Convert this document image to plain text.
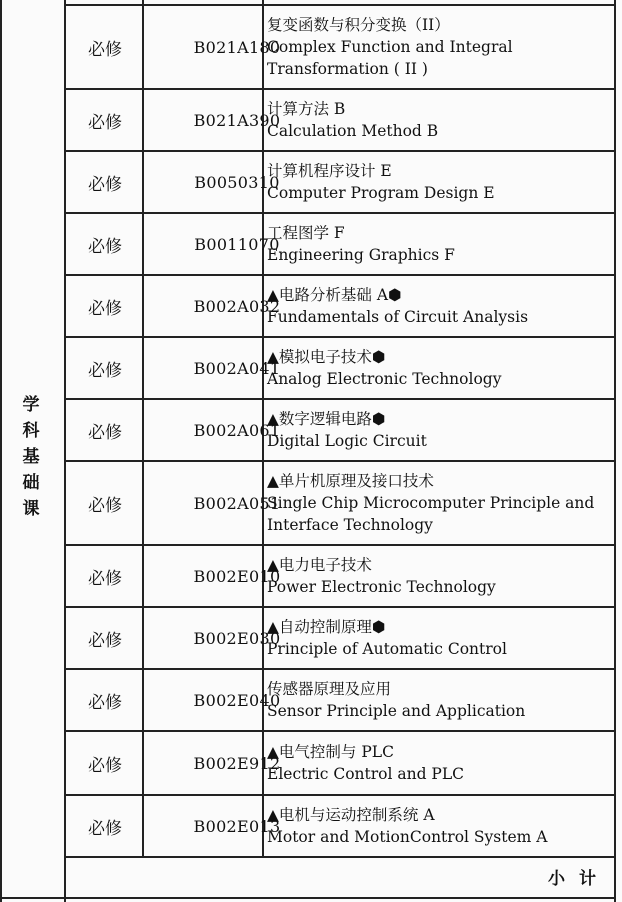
学科基础课
必修	B021A180
复变函数与积分变换（II）
Complex Function and Integral Transformation ( II )
必修	B021A390
计算方法 B
Calculation Method B
必修	B0050310
计算机程序设计 E
Computer Program Design E
必修	B0011070
工程图学 F
Engineering Graphics F
必修	B002A032
▲电路分析基础 A⬢
Fundamentals of Circuit Analysis
必修	B002A041
▲模拟电子技术⬢
Analog Electronic Technology
必修	B002A061
▲数字逻辑电路⬢
Digital Logic Circuit
必修	B002A051
▲单片机原理及接口技术
Single Chip Microcomputer Principle and Interface Technology
必修	B002E010
▲电力电子技术
Power Electronic Technology
必修	B002E030
▲自动控制原理⬢
Principle of Automatic Control
必修	B002E040
传感器原理及应用
Sensor Principle and Application
必修	B002E912
▲电气控制与 PLC
Electric Control and PLC
必修	B002E013
▲电机与运动控制系统 A
Motor and MotionControl System A
小计
